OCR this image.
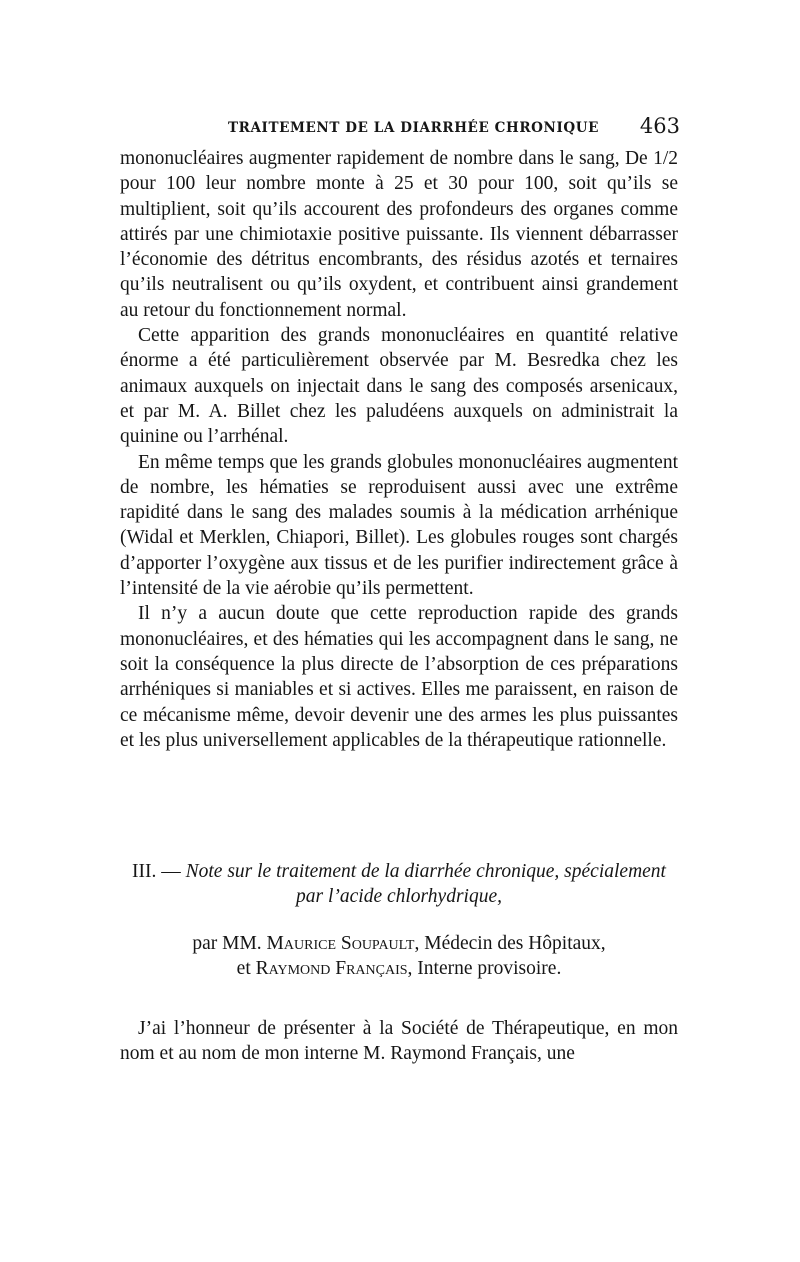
TRAITEMENT DE LA DIARRHÉE CHRONIQUE 463

mononucléaires augmenter rapidement de nombre dans le sang, De 1/2 pour 100 leur nombre monte à 25 et 30 pour 100, soit qu’ils se multiplient, soit qu’ils accourent des profondeurs des organes comme attirés par une chimiotaxie positive puissante. Ils viennent débarrasser l’économie des détritus encombrants, des résidus azotés et ternaires qu’ils neutralisent ou qu’ils oxydent, et contribuent ainsi grandement au retour du fonctionnement normal.

Cette apparition des grands mononucléaires en quantité relative énorme a été particulièrement observée par M. Besredka chez les animaux auxquels on injectait dans le sang des composés arsenicaux, et par M. A. Billet chez les paludéens auxquels on administrait la quinine ou l’arrhénal.

En même temps que les grands globules mononucléaires augmentent de nombre, les hématies se reproduisent aussi avec une extrême rapidité dans le sang des malades soumis à la médication arrhénique (Widal et Merklen, Chiapori, Billet). Les globules rouges sont chargés d’apporter l’oxygène aux tissus et de les purifier indirectement grâce à l’intensité de la vie aérobie qu’ils permettent.

Il n’y a aucun doute que cette reproduction rapide des grands mononucléaires, et des hématies qui les accompagnent dans le sang, ne soit la conséquence la plus directe de l’absorption de ces préparations arrhéniques si maniables et si actives. Elles me paraissent, en raison de ce mécanisme même, devoir devenir une des armes les plus puissantes et les plus universellement applicables de la thérapeutique rationnelle.

III. — Note sur le traitement de la diarrhée chronique, spécialement par l’acide chlorhydrique,
par MM. Maurice Soupault, Médecin des Hôpitaux,
et Raymond Français, Interne provisoire.

J’ai l’honneur de présenter à la Société de Thérapeutique, en mon nom et au nom de mon interne M. Raymond Français, une
